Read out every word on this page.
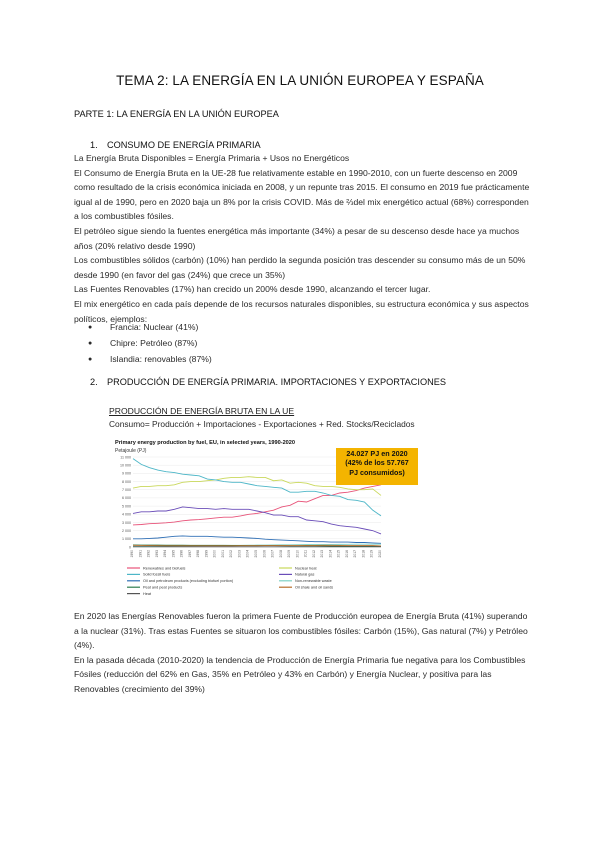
TEMA 2: LA ENERGÍA EN LA UNIÓN EUROPEA Y ESPAÑA
PARTE 1: LA ENERGÍA EN LA UNIÓN EUROPEA
1. CONSUMO DE ENERGÍA PRIMARIA

La Energía Bruta Disponibles = Energía Primaria + Usos no Energéticos

El Consumo de Energía Bruta en la UE-28 fue relativamente estable en 1990-2010, con un fuerte descenso en 2009 como resultado de la crisis económica iniciada en 2008, y un repunte tras 2015. El consumo en 2019 fue prácticamente igual al de 1990, pero en 2020 baja un 8% por la crisis COVID. Más de ⅔del mix energético actual (68%) corresponden a los combustibles fósiles.

El petróleo sigue siendo la fuentes energética más importante (34%) a pesar de su descenso desde hace ya muchos años (20% relativo desde 1990)

Los combustibles sólidos (carbón) (10%) han perdido la segunda posición tras descender su consumo más de un 50% desde 1990 (en favor del gas (24%) que crece un 35%)

Las Fuentes Renovables (17%) han crecido un 200% desde 1990, alcanzando el tercer lugar.

El mix energético en cada país depende de los recursos naturales disponibles, su estructura económica y sus aspectos políticos, ejemplos:

● Francia: Nuclear (41%)
● Chipre: Petróleo (87%)
● Islandia: renovables (87%)
2. PRODUCCIÓN DE ENERGÍA PRIMARIA. IMPORTACIONES Y EXPORTACIONES
PRODUCCIÓN DE ENERGÍA BRUTA EN LA UE
Consumo= Producción + Importaciones - Exportaciones + Red. Stocks/Reciclados
Primary energy production by fuel, EU, in selected years, 1990-2020
Petajoule (PJ)
0
1 000
2 000
3 000
4 000
5 000
6 000
7 000
8 000
9 000
10 000
11 000
1990 1991 1992 1993 1994 1995 1996 1997 1998 1999 2000 2001 2002 2003 2004 2005 2006 2007 2008 2009 2010 2011 2012 2013 2014 2015 2016 2017 2018 2019 2020
Renewables and biofuels	Nuclear heat
Solid fossil fuels	Natural gas
Oil and petroleum products (excluding biofuel portion)	Non-renewable waste
Peat and peat products	Oil shale and oil sands
Heat
24.027 PJ en 2020
(42% de los 57.767
PJ consumidos)

En 2020 las Energías Renovables fueron la primera Fuente de Producción europea de Energía Bruta (41%) superando a la nuclear (31%). Tras estas Fuentes se situaron los combustibles fósiles: Carbón (15%), Gas natural (7%) y Petróleo (4%).

En la pasada década (2010-2020) la tendencia de Producción de Energía Primaria fue negativa para los Combustibles Fósiles (reducción del 62% en Gas, 35% en Petróleo y 43% en Carbón) y Energía Nuclear, y positiva para las Renovables (crecimiento del 39%)
